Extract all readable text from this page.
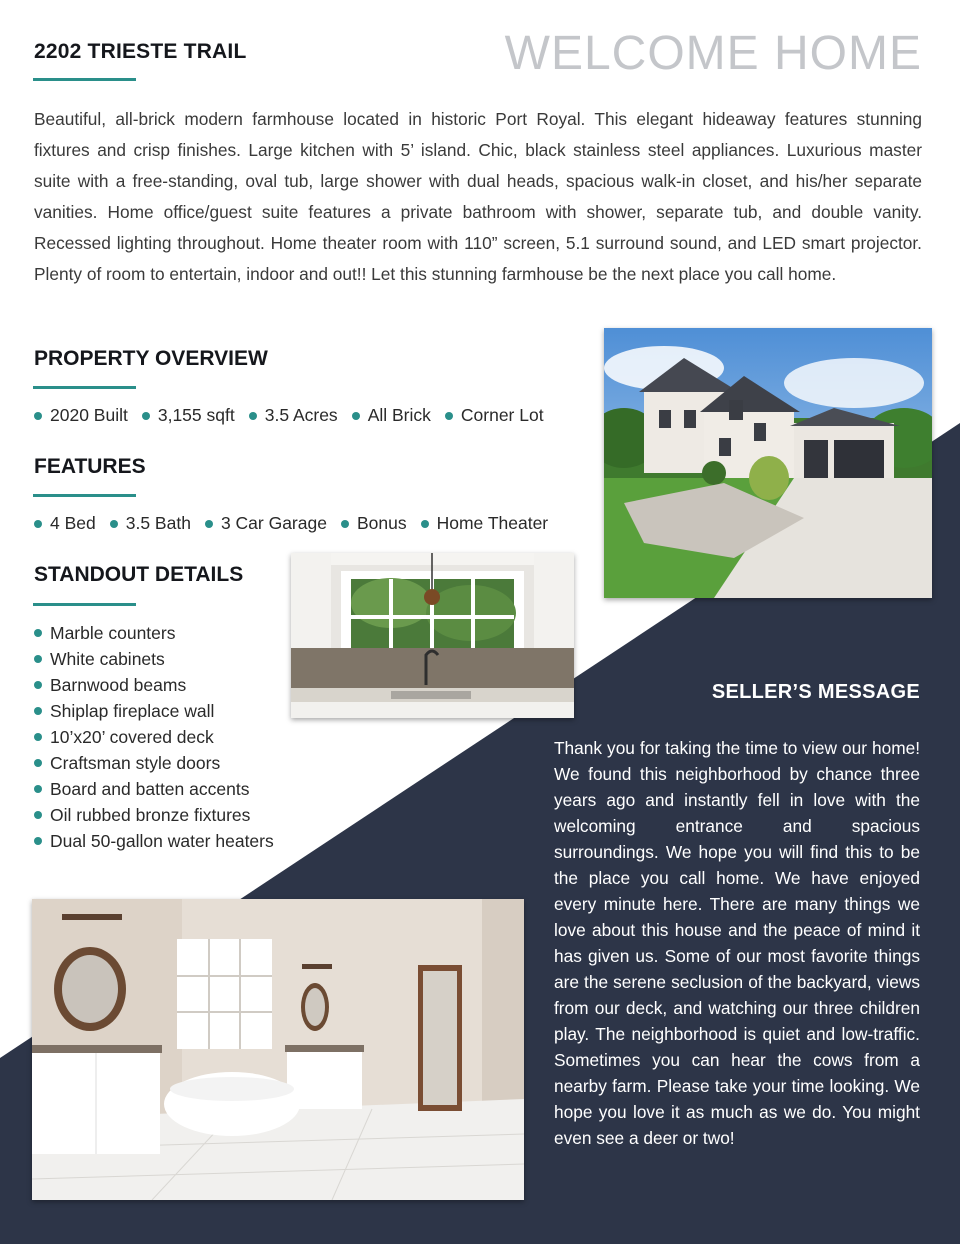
2202 TRIESTE TRAIL	WELCOME HOME

Beautiful, all-brick modern farmhouse located in historic Port Royal. This elegant hideaway features stunning fixtures and crisp finishes. Large kitchen with 5’ island. Chic, black stainless steel appliances. Luxurious master suite with a free-standing, oval tub, large shower with dual heads, spacious walk-in closet, and his/her separate vanities. Home office/guest suite features a private bathroom with shower, separate tub, and double vanity. Recessed lighting throughout. Home theater room with 110” screen, 5.1 surround sound, and LED smart projector. Plenty of room to entertain, indoor and out!! Let this stunning farmhouse be the next place you call home.

PROPERTY OVERVIEW
2020 Built 3,155 sqft 3.5 Acres All Brick Corner Lot
FEATURES
4 Bed 3.5 Bath 3 Car Garage Bonus Home Theater
STANDOUT DETAILS
Marble counters
White cabinets
Barnwood beams
Shiplap fireplace wall
10’x20’ covered deck
Craftsman style doors
Board and batten accents
Oil rubbed bronze fixtures
Dual 50-gallon water heaters
SELLER’S MESSAGE

Thank you for taking the time to view our home! We found this neighborhood by chance three years ago and instantly fell in love with the welcoming entrance and spacious surroundings. We hope you will find this to be the place you call home. We have enjoyed every minute here. There are many things we love about this house and the peace of mind it has given us. Some of our most favorite things are the serene seclusion of the backyard, views from our deck, and watching our three children play. The neighborhood is quiet and low-traffic. Sometimes you can hear the cows from a nearby farm. Please take your time looking. We hope you love it as much as we do. You might even see a deer or two!
